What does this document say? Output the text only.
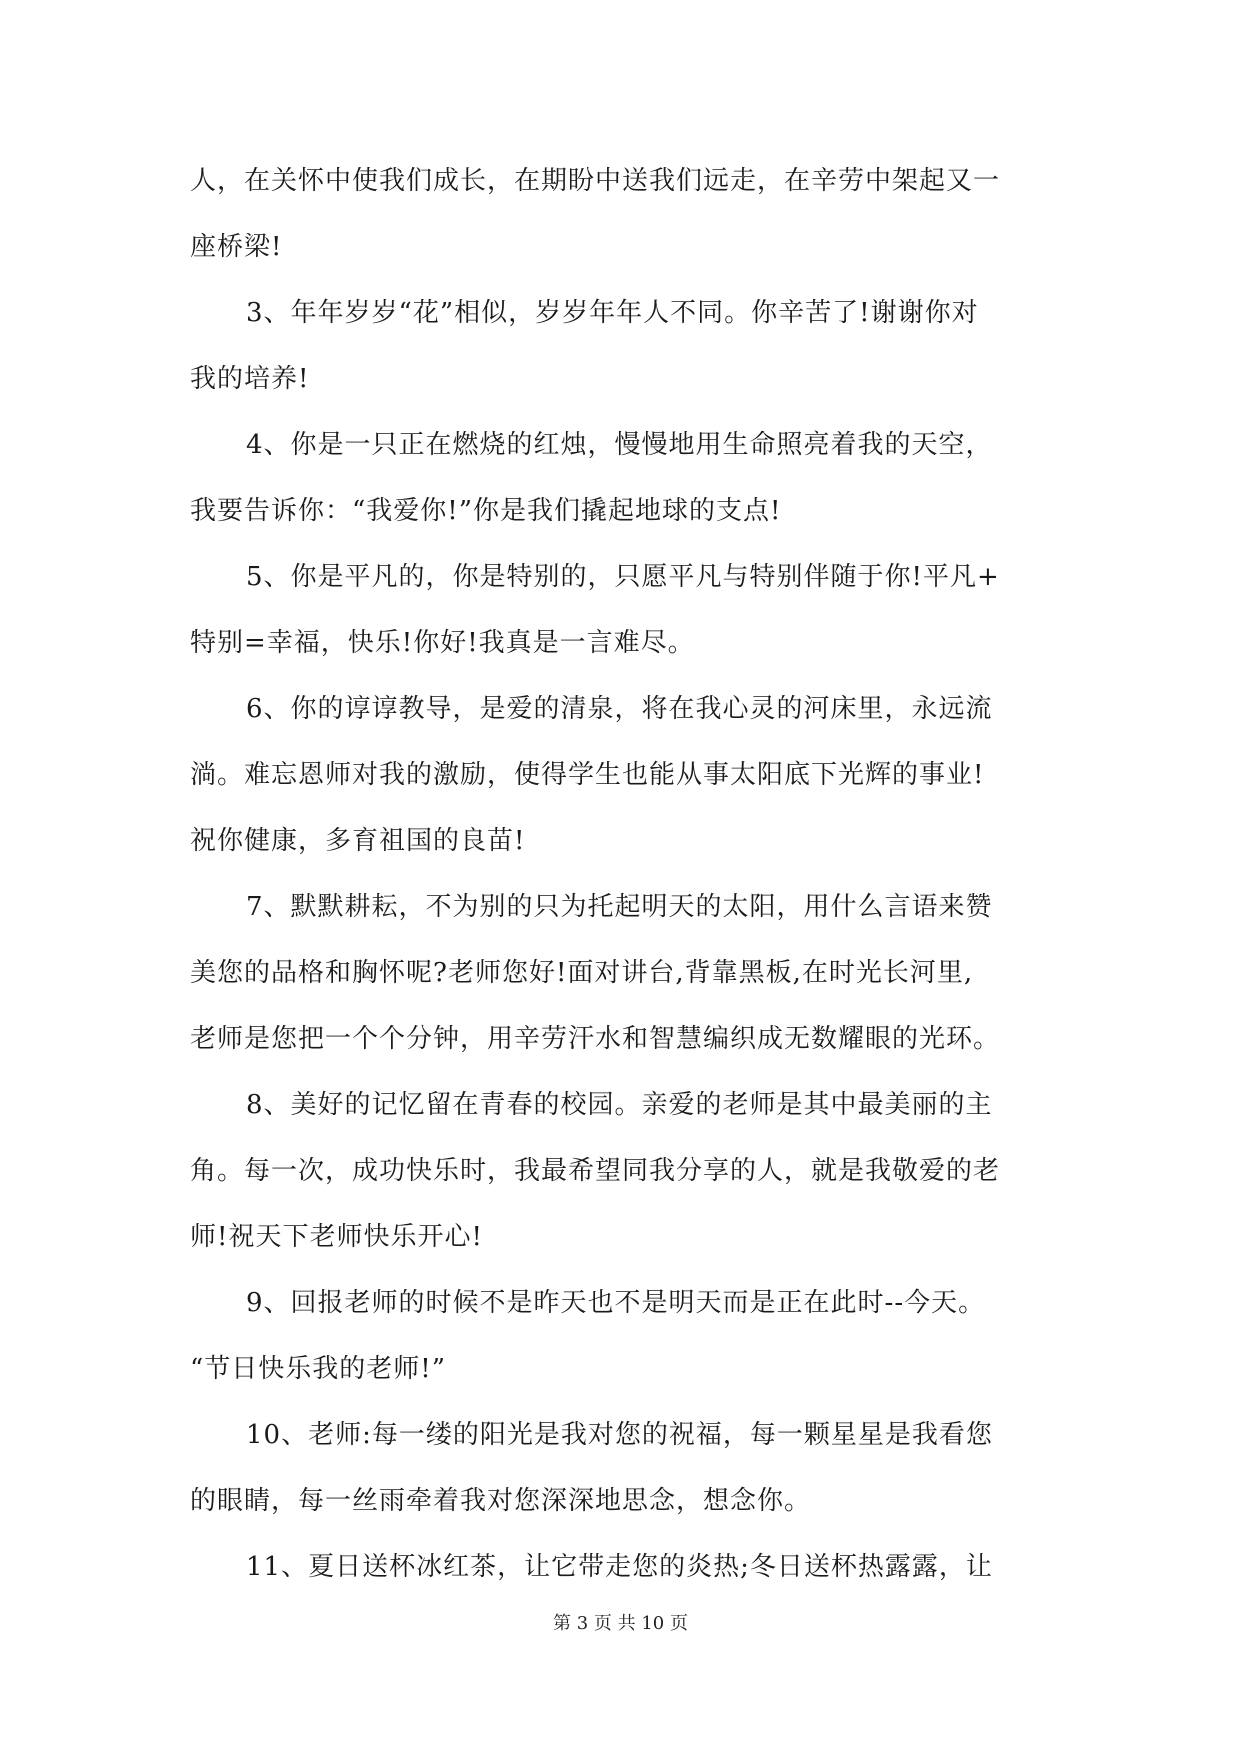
人，在关怀中使我们成长，在期盼中送我们远走，在辛劳中架起又一
座桥梁!
3、年年岁岁“花”相似，岁岁年年人不同。你辛苦了!谢谢你对
我的培养!
4、你是一只正在燃烧的红烛，慢慢地用生命照亮着我的天空，
我要告诉你：“我爱你!”你是我们撬起地球的支点!
5、你是平凡的，你是特别的，只愿平凡与特别伴随于你!平凡+
特别=幸福，快乐!你好!我真是一言难尽。
6、你的谆谆教导，是爱的清泉，将在我心灵的河床里，永远流
淌。难忘恩师对我的激励，使得学生也能从事太阳底下光辉的事业!
祝你健康，多育祖国的良苗!
7、默默耕耘，不为别的只为托起明天的太阳，用什么言语来赞
美您的品格和胸怀呢?老师您好!面对讲台,背靠黑板,在时光长河里,
老师是您把一个个分钟，用辛劳汗水和智慧编织成无数耀眼的光环。
8、美好的记忆留在青春的校园。亲爱的老师是其中最美丽的主
角。每一次，成功快乐时，我最希望同我分享的人，就是我敬爱的老
师!祝天下老师快乐开心!
9、回报老师的时候不是昨天也不是明天而是正在此时--今天。
“节日快乐我的老师!”
10、老师:每一缕的阳光是我对您的祝福，每一颗星星是我看您
的眼睛，每一丝雨牵着我对您深深地思念，想念你。
11、夏日送杯冰红茶，让它带走您的炎热;冬日送杯热露露，让
第 3 页 共 10 页
